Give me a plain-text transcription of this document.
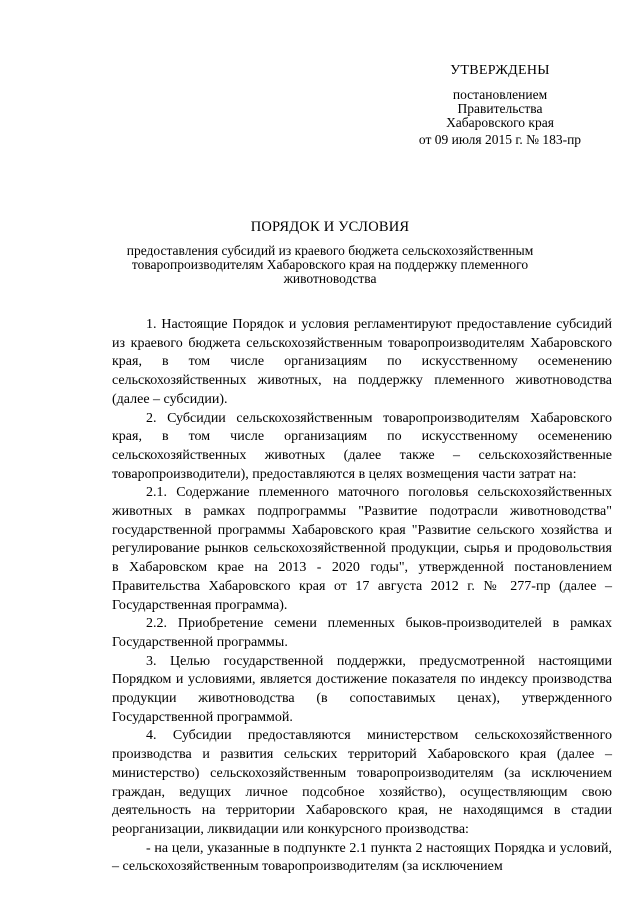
УТВЕРЖДЕНЫ
постановлением
Правительства
Хабаровского края
от 09 июля 2015 г. № 183-пр
ПОРЯДОК И УСЛОВИЯ
предоставления субсидий из краевого бюджета сельскохозяйственным товаропроизводителям Хабаровского края на поддержку племенного животноводства

1. Настоящие Порядок и условия регламентируют предоставление субсидий из краевого бюджета сельскохозяйственным товаропроизводителям Хабаровского края, в том числе организациям по искусственному осеменению сельскохозяйственных животных, на поддержку племенного животноводства (далее – субсидии).

2. Субсидии сельскохозяйственным товаропроизводителям Хабаровского края, в том числе организациям по искусственному осеменению сельскохозяйственных животных (далее также – сельскохозяйственные товаропроизводители), предоставляются в целях возмещения части затрат на:

2.1. Содержание племенного маточного поголовья сельскохозяйственных животных в рамках подпрограммы "Развитие подотрасли животноводства" государственной программы Хабаровского края "Развитие сельского хозяйства и регулирование рынков сельскохозяйственной продукции, сырья и продовольствия в Хабаровском крае на 2013 - 2020 годы", утвержденной постановлением Правительства Хабаровского края от 17 августа 2012 г. № 277-пр (далее – Государственная программа).

2.2. Приобретение семени племенных быков-производителей в рамках Государственной программы.

3. Целью государственной поддержки, предусмотренной настоящими Порядком и условиями, является достижение показателя по индексу производства продукции животноводства (в сопоставимых ценах), утвержденного Государственной программой.

4. Субсидии предоставляются министерством сельскохозяйственного производства и развития сельских территорий Хабаровского края (далее – министерство) сельскохозяйственным товаропроизводителям (за исключением граждан, ведущих личное подсобное хозяйство), осуществляющим свою деятельность на территории Хабаровского края, не находящимся в стадии реорганизации, ликвидации или конкурсного производства:

- на цели, указанные в подпункте 2.1 пункта 2 настоящих Порядка и условий, – сельскохозяйственным товаропроизводителям (за исключением
